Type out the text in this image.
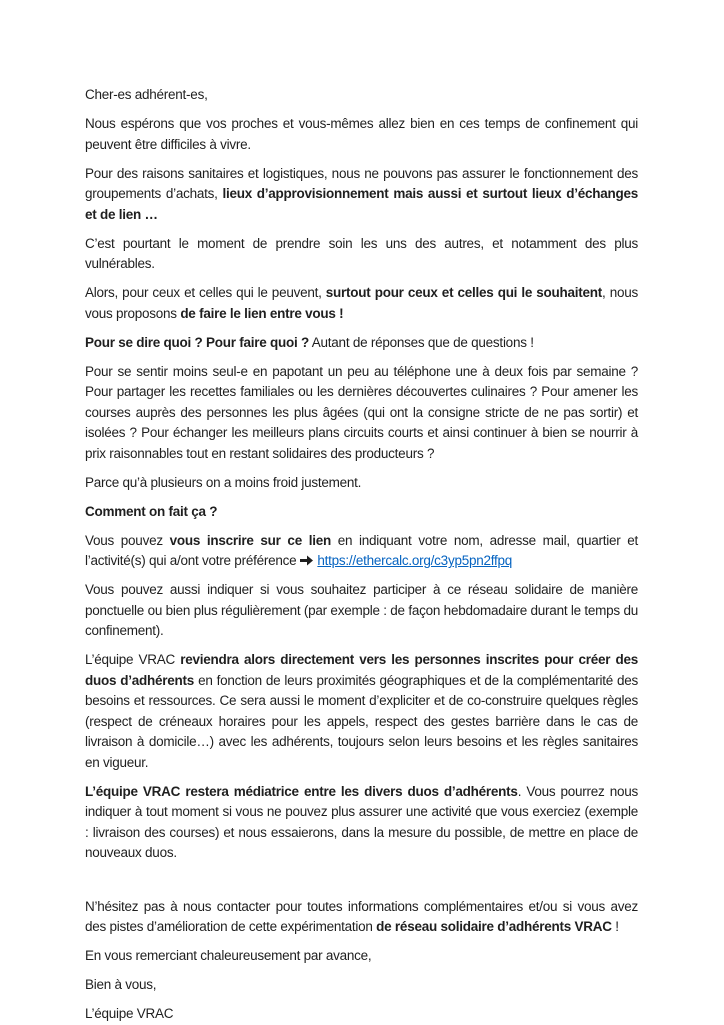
Cher-es adhérent-es,

Nous espérons que vos proches et vous-mêmes allez bien en ces temps de confinement qui peuvent être difficiles à vivre.

Pour des raisons sanitaires et logistiques, nous ne pouvons pas assurer le fonctionnement des groupements d’achats, lieux d’approvisionnement mais aussi et surtout lieux d’échanges et de lien …

C’est pourtant le moment de prendre soin les uns des autres, et notamment des plus vulnérables.

Alors, pour ceux et celles qui le peuvent, surtout pour ceux et celles qui le souhaitent, nous vous proposons de faire le lien entre vous !

Pour se dire quoi ? Pour faire quoi ? Autant de réponses que de questions !

Pour se sentir moins seul-e en papotant un peu au téléphone une à deux fois par semaine ? Pour partager les recettes familiales ou les dernières découvertes culinaires ? Pour amener les courses auprès des personnes les plus âgées (qui ont la consigne stricte de ne pas sortir) et isolées ? Pour échanger les meilleurs plans circuits courts et ainsi continuer à bien se nourrir à prix raisonnables tout en restant solidaires des producteurs ?

Parce qu’à plusieurs on a moins froid justement.

Comment on fait ça ?

Vous pouvez vous inscrire sur ce lien en indiquant votre nom, adresse mail, quartier et l’activité(s) qui a/ont votre préférence
https://ethercalc.org/c3yp5pn2ffpq

Vous pouvez aussi indiquer si vous souhaitez participer à ce réseau solidaire de manière ponctuelle ou bien plus régulièrement (par exemple : de façon hebdomadaire durant le temps du confinement).

L’équipe VRAC reviendra alors directement vers les personnes inscrites pour créer des duos d’adhérents en fonction de leurs proximités géographiques et de la complémentarité des besoins et ressources. Ce sera aussi le moment d’expliciter et de co-construire quelques règles (respect de créneaux horaires pour les appels, respect des gestes barrière dans le cas de livraison à domicile…) avec les adhérents, toujours selon leurs besoins et les règles sanitaires en vigueur.

L’équipe VRAC restera médiatrice entre les divers duos d’adhérents. Vous pourrez nous indiquer à tout moment si vous ne pouvez plus assurer une activité que vous exerciez (exemple : livraison des courses) et nous essaierons, dans la mesure du possible, de mettre en place de nouveaux duos.

N’hésitez pas à nous contacter pour toutes informations complémentaires et/ou si vous avez des pistes d’amélioration de cette expérimentation de réseau solidaire d’adhérents VRAC !

En vous remerciant chaleureusement par avance,

Bien à vous,

L’équipe VRAC
